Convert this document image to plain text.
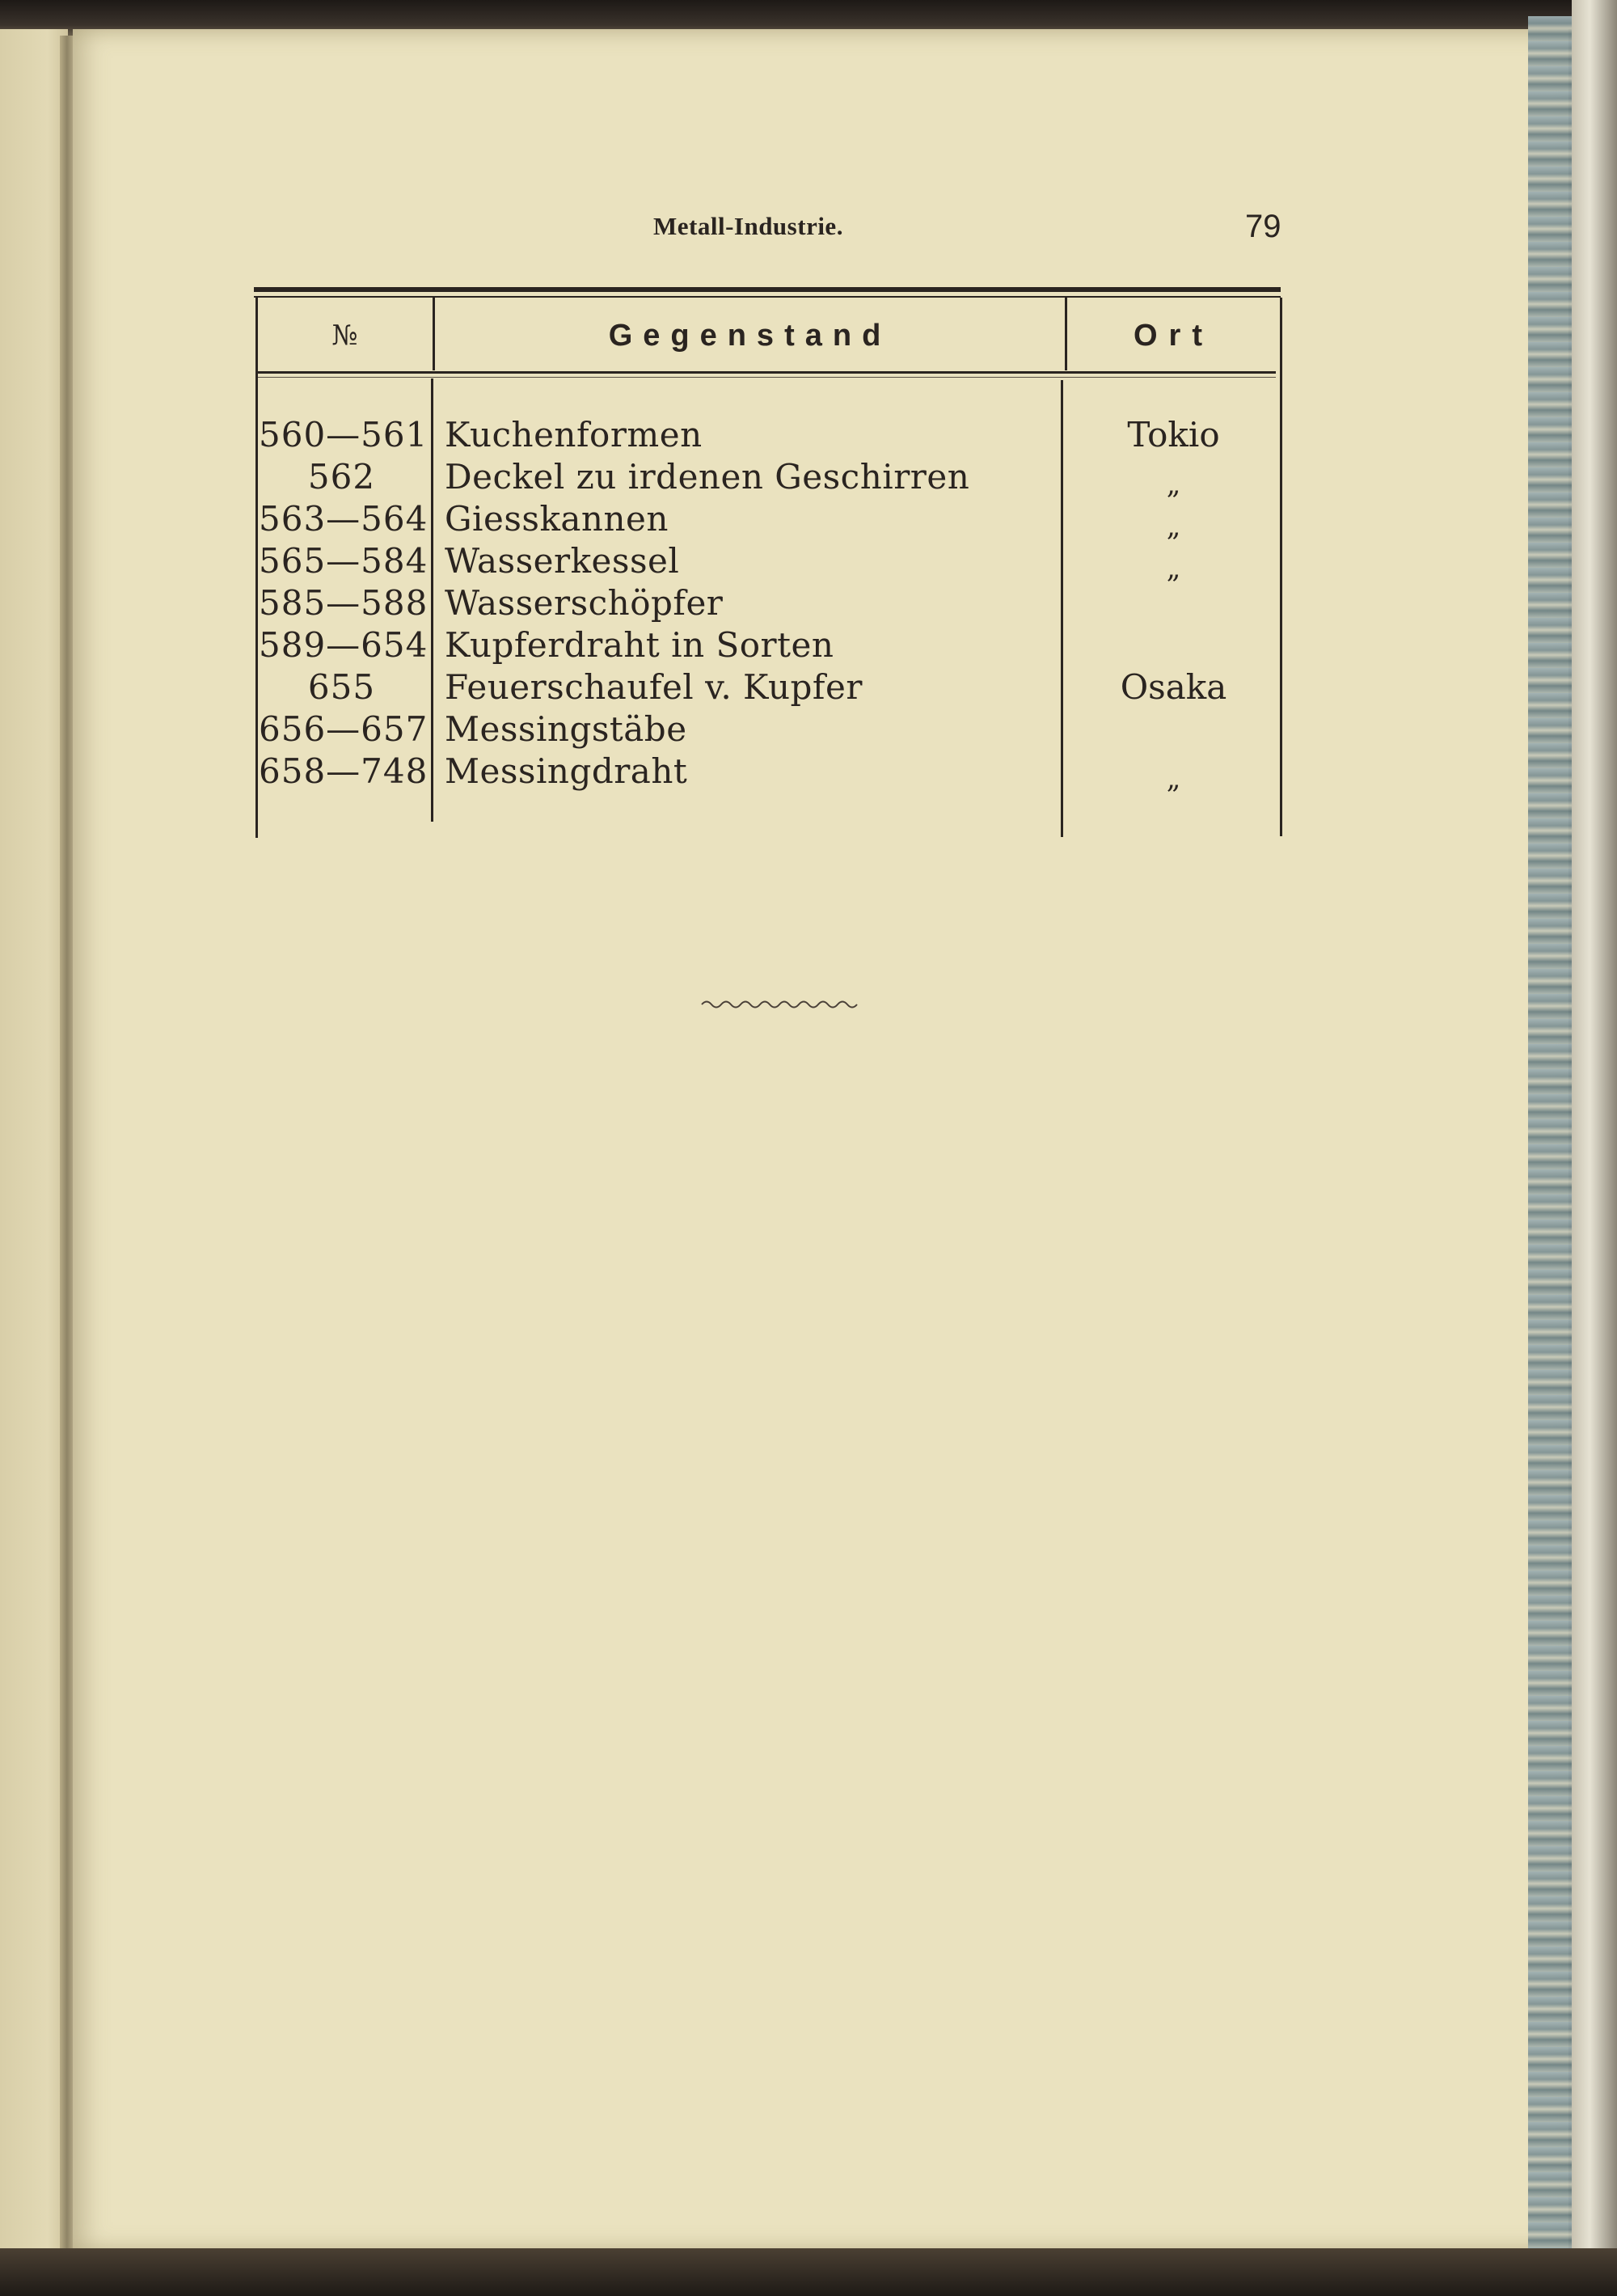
Metall-Industrie.	79
№	Gegenstand	Ort
560—561 Kuchenformen	Tokio
562	Deckel zu irdenen Geschirren	„
563—564 Giesskannen	„
565—584 Wasserkessel	„
585—588 Wasserschöpfer
589—654 Kupferdraht in Sorten
655	Feuerschaufel v. Kupfer	Osaka
656—657 Messingstäbe
658—748 Messingdraht	„
